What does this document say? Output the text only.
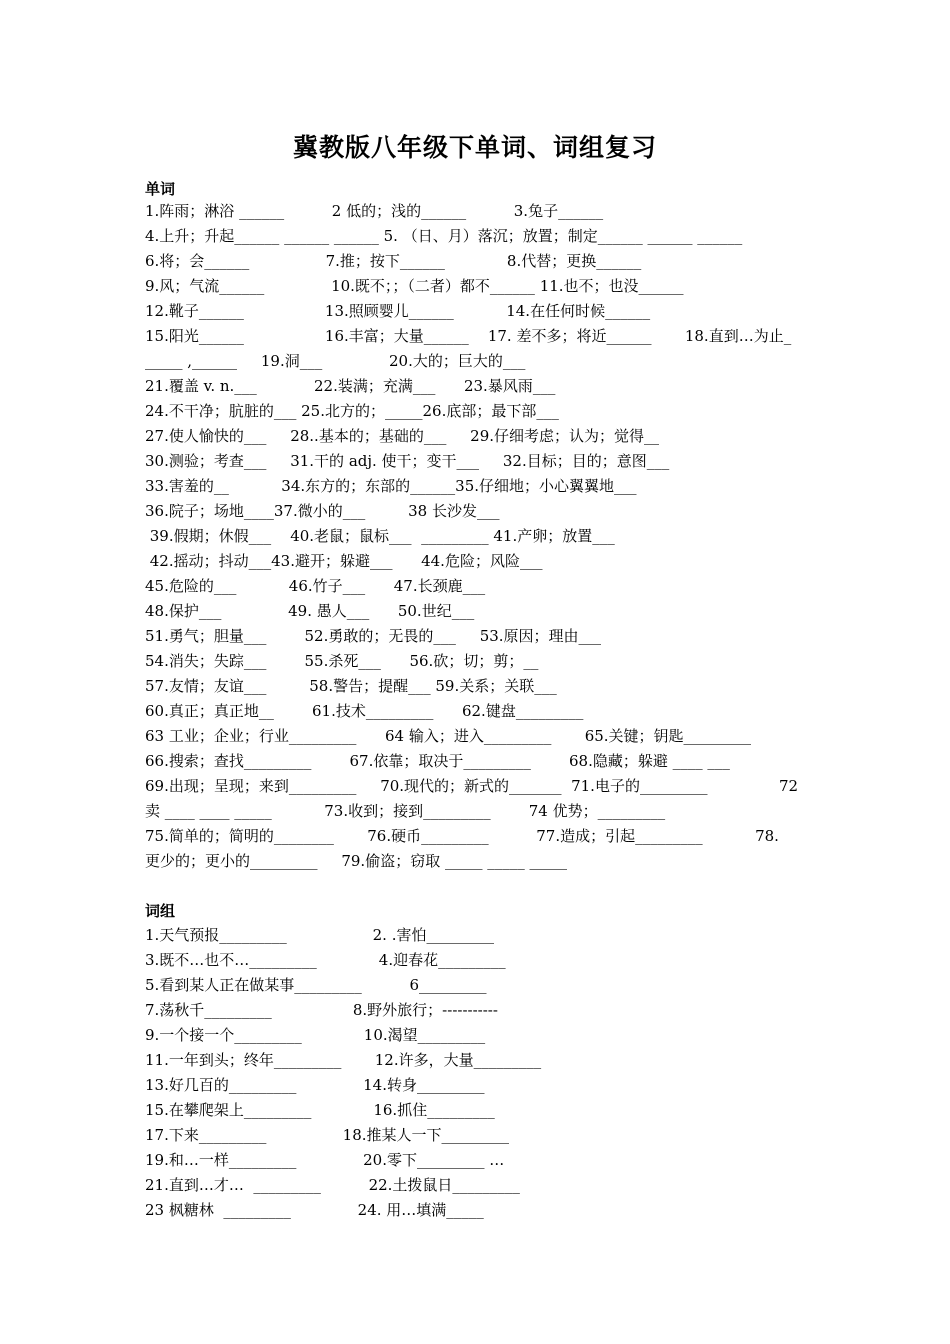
冀教版八年级下单词、词组复习
单词
1.阵雨；淋浴 ______          2 低的；浅的______          3.兔子______
4.上升；升起______ ______ ______ 5. （日、月）落沉；放置；制定______ ______ ______
6.将；会______                7.推；按下______             8.代替；更换______
9.风；气流______              10.既不；；（二者）都不______ 11.也不；也没______
12.靴子______                 13.照顾婴儿______           14.在任何时候______
15.阳光______                 16.丰富；大量______    17. 差不多；将近______       18.直到…为止_
_____ ,______     19.洞___              20.大的；巨大的___
21.覆盖 v. n.___            22.装满；充满___      23.暴风雨___
24.不干净；肮脏的___ 25.北方的；_____26.底部；最下部___
27.使人愉快的___     28..基本的；基础的___     29.仔细考虑；认为；觉得__
30.测验；考查___     31.干的 adj. 使干；变干___     32.目标；目的；意图___
33.害羞的__           34.东方的；东部的______35.仔细地；小心翼翼地___
36.院子；场地____37.微小的___         38 长沙发___
39.假期；休假___    40.老鼠；鼠标___  _________ 41.产卵；放置___
42.摇动；抖动___43.避开；躲避___      44.危险；风险___
45.危险的___           46.竹子___      47.长颈鹿___
48.保护___              49. 愚人___      50.世纪___
51.勇气；胆量___        52.勇敢的；无畏的___     53.原因；理由___
54.消失；失踪___        55.杀死___      56.砍；切；剪；__
57.友情；友谊___         58.警告；提醒___ 59.关系；关联___
60.真正；真正地__        61.技术_________      62.键盘_________
63 工业；企业；行业_________      64 输入；进入_________       65.关键；钥匙_________
66.搜索；查找_________        67.依靠；取决于_________        68.隐藏；躲避 ____ ___
69.出现；呈现；来到_________     70.现代的；新式的_______  71.电子的_________               72
卖 ____ ____ _____           73.收到；接到_________        74 优势；_________
75.简单的；简明的________       76.硬币_________          77.造成；引起_________           78.
更少的；更小的_________     79.偷盗；窃取 _____ _____ _____
词组
1.天气预报_________                  2. .害怕_________
3.既不…也不…_________             4.迎春花_________
5.看到某人正在做某事_________          6_________
7.荡秋千_________                 8.野外旅行；-----------
9.一个接一个_________             10.渴望_________
11.一年到头；终年_________       12.许多，大量_________
13.好几百的_________              14.转身_________
15.在攀爬架上_________             16.抓住_________
17.下来_________                18.推某人一下_________
19.和…一样_________              20.零下_________ …
21.直到…才…  _________          22.土拨鼠日_________
23 枫糖林  _________              24. 用…填满_____
